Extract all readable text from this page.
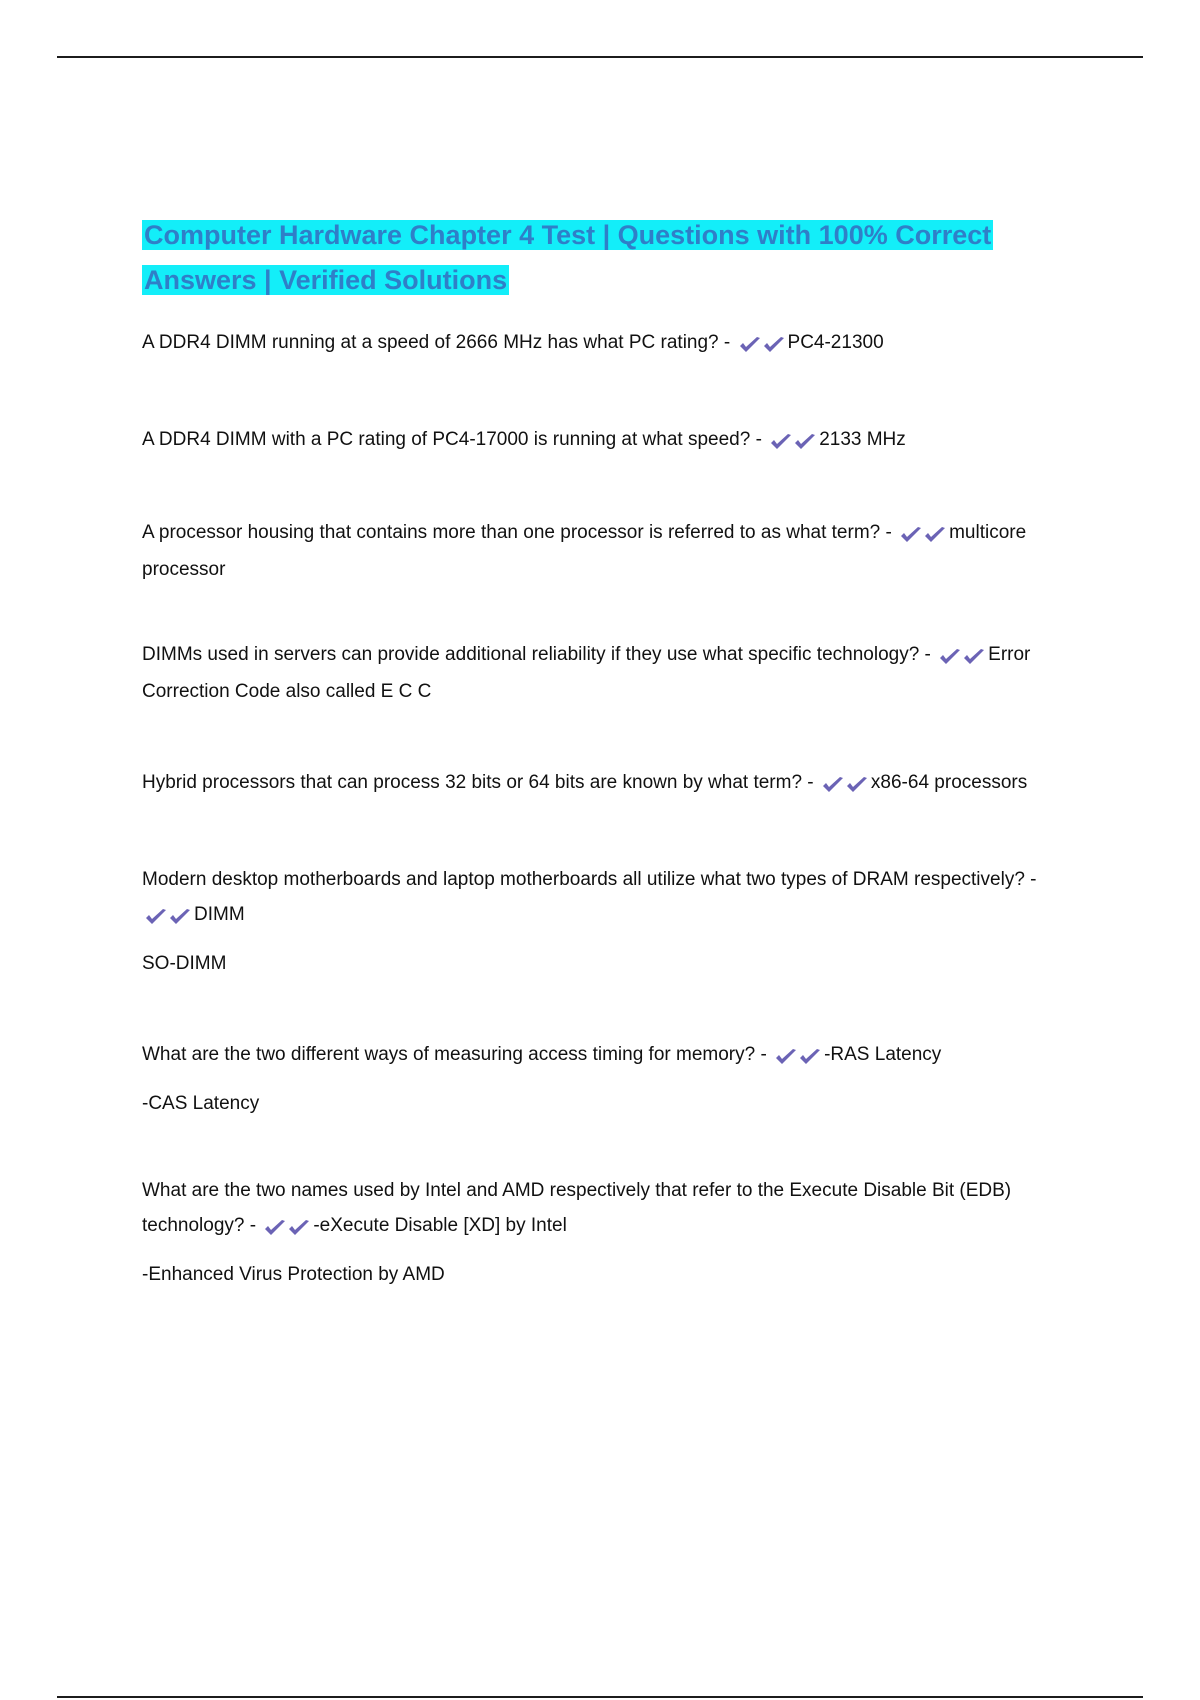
Computer Hardware Chapter 4 Test | Questions with 100% Correct Answers | Verified Solutions

A DDR4 DIMM running at a speed of 2666 MHz has what PC rating? -	PC4-21300

A DDR4 DIMM with a PC rating of PC4-17000 is running at what speed? -	2133 MHz

A processor housing that contains more than one processor is referred to as what term? -	multicore processor

DIMMs used in servers can provide additional reliability if they use what specific technology? -	Error Correction Code also called E C C

Hybrid processors that can process 32 bits or 64 bits are known by what term? -	x86-64 processors

Modern desktop motherboards and laptop motherboards all utilize what two types of DRAM respectively? - DIMM

SO-DIMM

What are the two different ways of measuring access timing for memory? -	-RAS Latency

-CAS Latency

What are the two names used by Intel and AMD respectively that refer to the Execute Disable Bit (EDB) technology? -	-eXecute Disable [XD] by Intel

-Enhanced Virus Protection by AMD
